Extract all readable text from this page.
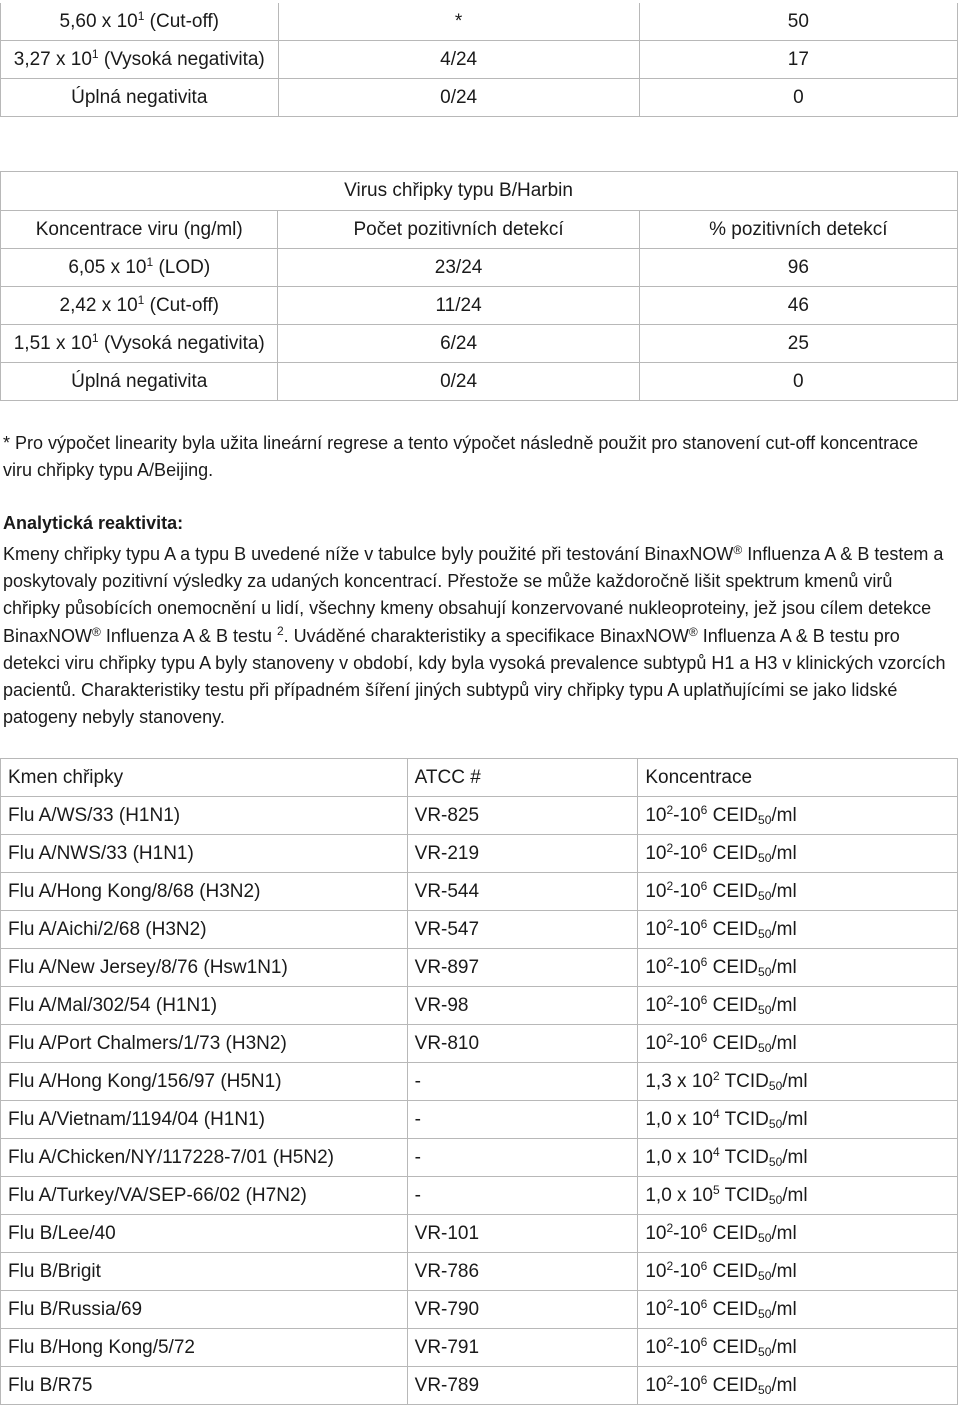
5,60 x $10^1$ (Cut-off)	*	50
3,27 x $10^1$ (Vysoká negativita)	4/24	17
Úplná negativita	0/24	0
	Virus chřipky typu B/Harbin	
Koncentrace viru (ng/ml)	Počet pozitivních detekcí	% pozitivních detekcí
6,05 x $10^1$ (LOD)	23/24	96
2,42 x $10^1$ (Cut-off)	11/24	46
1,51 x $10^1$ (Vysoká negativita)	6/24	25
Úplná negativita	0/24	0

* Pro výpočet linearity byla užita lineární regrese a tento výpočet následně použit pro stanovení cut-off koncentrace viru chřipky typu A/Beijing.

Analytická reaktivita:

Kmeny chřipky typu A a typu B uvedené níže v tabulce byly použité při testování BinaxNOW® Influenza A & B testem a poskytovaly pozitivní výsledky za udaných koncentrací. Přestože se může každoročně lišit spektrum kmenů virů chřipky působících onemocnění u lidí, všechny kmeny obsahují konzervované nukleoproteiny, jež jsou cílem detekce BinaxNOW® Influenza A & B testu $^2$. Uváděné charakteristiky a specifikace BinaxNOW® Influenza A & B testu pro detekci viru chřipky typu A byly stanoveny v období, kdy byla vysoká prevalence subtypů H1 a H3 v klinických vzorcích pacientů. Charakteristiky testu při případném šíření jiných subtypů viry chřipky typu A uplatňujícími se jako lidské patogeny nebyly stanoveny.

Kmen chřipky	ATCC #	Koncentrace
Flu A/WS/33 (H1N1)	VR-825	$10^2-10^6$ $CEID_{50}/ml$
Flu A/NWS/33 (H1N1)	VR-219	$10^2-10^6$ $CEID_{50}/ml$
Flu A/Hong Kong/8/68 (H3N2)	VR-544	$10^2-10^6$ $CEID_{50}/ml$
Flu A/Aichi/2/68 (H3N2)	VR-547	$10^2-10^6$ $CEID_{50}/ml$
Flu A/New Jersey/8/76 (Hsw1N1)	VR-897	$10^2-10^6$ $CEID_{50}/ml$
Flu A/Mal/302/54 (H1N1)	VR-98	$10^2-10^6$ $CEID_{50}/ml$
Flu A/Port Chalmers/1/73 (H3N2)	VR-810	$10^2-10^6$ $CEID_{50}/ml$
Flu A/Hong Kong/156/97 (H5N1)	-	1,3 x $10^2$ $TCID_{50}/ml$
Flu A/Vietnam/1194/04 (H1N1)	-	1,0 x $10^4$ $TCID_{50}/ml$
Flu A/Chicken/NY/117228-7/01 (H5N2)	-	1,0 x $10^4$ $TCID_{50}/ml$
Flu A/Turkey/VA/SEP-66/02 (H7N2)	-	1,0 x $10^5$ $TCID_{50}/ml$
Flu B/Lee/40	VR-101	$10^2-10^6$ $CEID_{50}/ml$
Flu B/Brigit	VR-786	$10^2-10^6$ $CEID_{50}/ml$
Flu B/Russia/69	VR-790	$10^2-10^6$ $CEID_{50}/ml$
Flu B/Hong Kong/5/72	VR-791	$10^2-10^6$ $CEID_{50}/ml$
Flu B/R75	VR-789	$10^2-10^6$ $CEID_{50}/ml$
